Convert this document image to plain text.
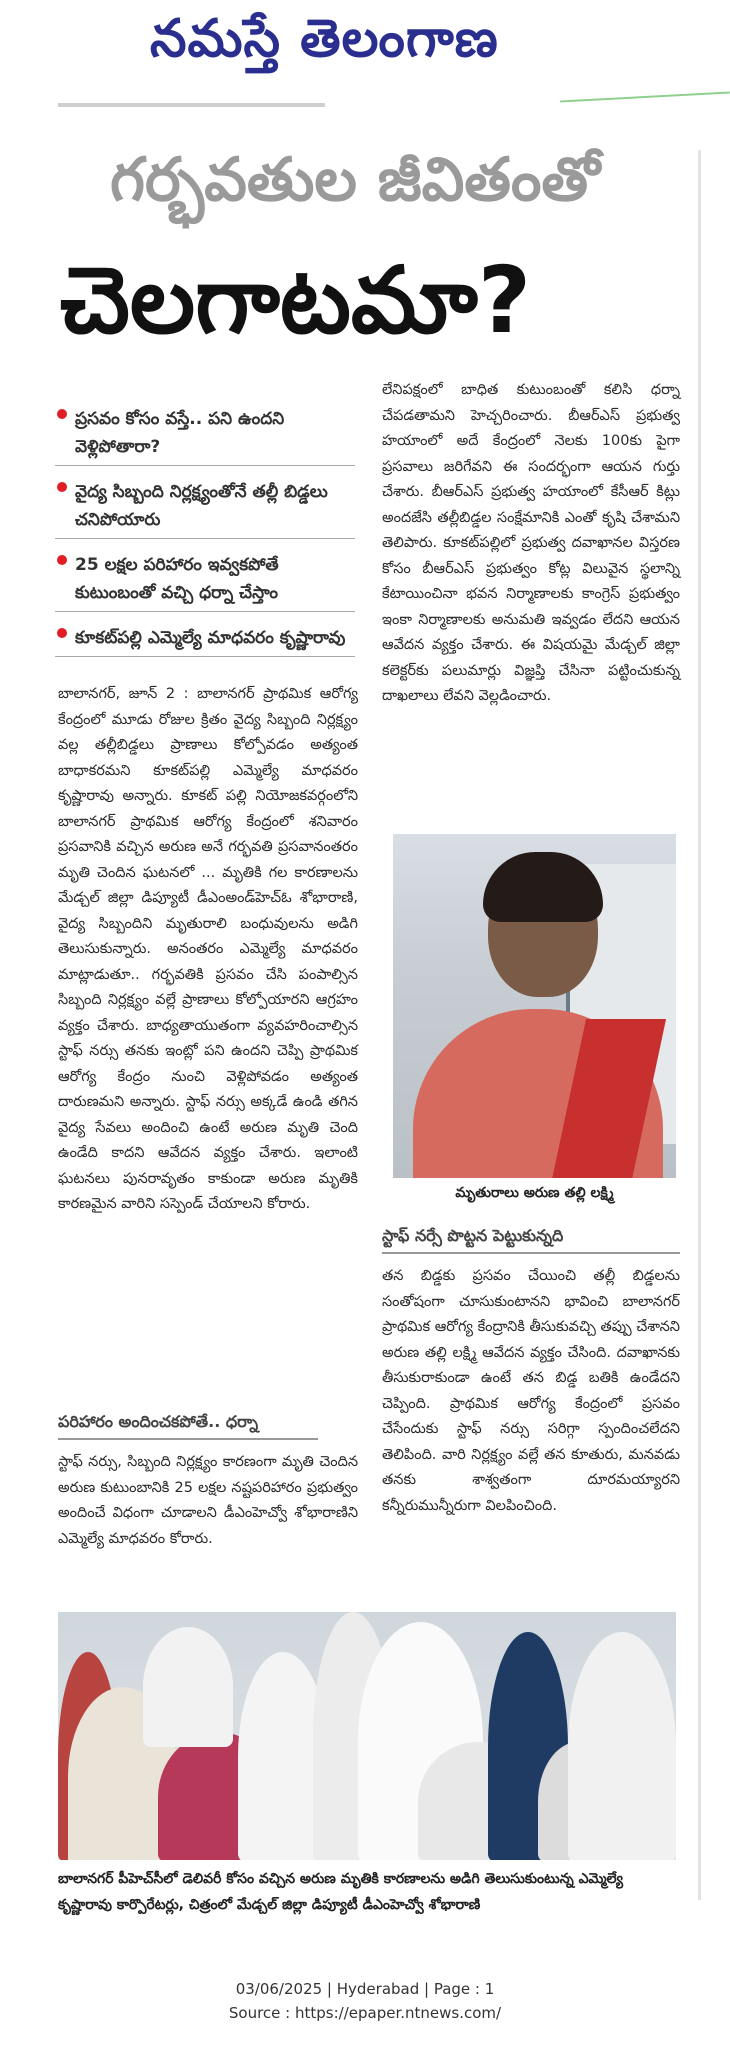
నమస్తే తెలంగాణ
గర్భవతుల జీవితంతో
చెలగాటమా?
ప్రసవం కోసం వస్తే.. పని ఉందని వెళ్లిపోతారా?
వైద్య సిబ్బంది నిర్లక్ష్యంతోనే తల్లీ బిడ్డలు చనిపోయారు
25 లక్షల పరిహారం ఇవ్వకపోతే కుటుంబంతో వచ్చి ధర్నా చేస్తాం
కూకట్‌పల్లి ఎమ్మెల్యే మాధవరం కృష్ణారావు
బాలానగర్, జూన్ 2 : బాలానగర్ ప్రాథమిక ఆరోగ్య కేంద్రంలో మూడు రోజుల క్రితం వైద్య సిబ్బంది నిర్లక్ష్యం వల్ల తల్లీబిడ్డలు ప్రాణాలు కోల్పోవడం అత్యంత బాధాకరమని కూకట్‌పల్లి ఎమ్మెల్యే మాధవరం కృష్ణారావు అన్నారు. కూకట్ పల్లి నియోజకవర్గంలోని బాలానగర్ ప్రాథమిక ఆరోగ్య కేంద్రంలో శనివారం ప్రసవానికి వచ్చిన అరుణ అనే గర్భవతి ప్రసవానంతరం మృతి చెందిన ఘటనలో ... మృతికి గల కారణాలను మేడ్చల్ జిల్లా డిప్యూటీ డీఎంఅండ్‌హెచ్‌ఓ శోభారాణి, వైద్య సిబ్బందిని మృతురాలి బంధువులను అడిగి తెలుసుకున్నారు. అనంతరం ఎమ్మెల్యే మాధవరం మాట్లాడుతూ.. గర్భవతికి ప్రసవం చేసి పంపాల్సిన సిబ్బంది నిర్లక్ష్యం వల్లే ప్రాణాలు కోల్పోయారని ఆగ్రహం వ్యక్తం చేశారు. బాధ్యతాయుతంగా వ్యవహరించాల్సిన స్టాఫ్ నర్సు తనకు ఇంట్లో పని ఉందని చెప్పి ప్రాథమిక ఆరోగ్య కేంద్రం నుంచి వెళ్లిపోవడం అత్యంత దారుణమని అన్నారు. స్టాఫ్ నర్సు అక్కడే ఉండి తగిన వైద్య సేవలు అందించి ఉంటే అరుణ మృతి చెంది ఉండేది కాదని ఆవేదన వ్యక్తం చేశారు. ఇలాంటి ఘటనలు పునరావృతం కాకుండా అరుణ మృతికి కారణమైన వారిని సస్పెండ్ చేయాలని కోరారు.
పరిహారం అందించకపోతే.. ధర్నా
స్టాఫ్ నర్సు, సిబ్బంది నిర్లక్ష్యం కారణంగా మృతి చెందిన అరుణ కుటుంబానికి 25 లక్షల నష్టపరిహారం ప్రభుత్వం అందించే విధంగా చూడాలని డీఎంహెచ్వో శోభారాణిని ఎమ్మెల్యే మాధవరం కోరారు.
లేనిపక్షంలో బాధిత కుటుంబంతో కలిసి ధర్నా చేపడతామని హెచ్చరించారు. బీఆర్‌ఎస్ ప్రభుత్వ హయాంలో అదే కేంద్రంలో నెలకు 100కు పైగా ప్రసవాలు జరిగేవని ఈ సందర్భంగా ఆయన గుర్తు చేశారు. బీఆర్‌ఎస్ ప్రభుత్వ హయాంలో కేసీఆర్ కిట్లు అందజేసి తల్లీబిడ్డల సంక్షేమానికి ఎంతో కృషి చేశామని తెలిపారు. కూకట్‌పల్లిలో ప్రభుత్వ దవాఖానల విస్తరణ కోసం బీఆర్‌ఎస్ ప్రభుత్వం కోట్ల విలువైన స్థలాన్ని కేటాయించినా భవన నిర్మాణాలకు కాంగ్రెస్ ప్రభుత్వం ఇంకా నిర్మాణాలకు అనుమతి ఇవ్వడం లేదని ఆయన ఆవేదన వ్యక్తం చేశారు. ఈ విషయమై మేడ్చల్ జిల్లా కలెక్టర్‌కు పలుమార్లు విజ్ఞప్తి చేసినా పట్టించుకున్న దాఖలాలు లేవని వెల్లడించారు.
మృతురాలు అరుణ తల్లి లక్ష్మి
స్టాఫ్ నర్సే పొట్టన పెట్టుకున్నది
తన బిడ్డకు ప్రసవం చేయించి తల్లీ బిడ్డలను సంతోషంగా చూసుకుంటానని భావించి బాలానగర్ ప్రాథమిక ఆరోగ్య కేంద్రానికి తీసుకువచ్చి తప్పు చేశానని అరుణ తల్లి లక్ష్మి ఆవేదన వ్యక్తం చేసింది. దవాఖానకు తీసుకురాకుండా ఉంటే తన బిడ్డ బతికి ఉండేదని చెప్పింది. ప్రాథమిక ఆరోగ్య కేంద్రంలో ప్రసవం చేసేందుకు స్టాఫ్ నర్సు సరిగ్గా స్పందించలేదని తెలిపింది. వారి నిర్లక్ష్యం వల్లే తన కూతురు, మనవడు తనకు శాశ్వతంగా దూరమయ్యారని కన్నీరుమున్నీరుగా విలపించింది.
బాలానగర్ పీహెచ్‌సీలో డెలివరీ కోసం వచ్చిన అరుణ మృతికి కారణాలను అడిగి తెలుసుకుంటున్న ఎమ్మెల్యే కృష్ణారావు కార్పొరేటర్లు, చిత్రంలో మేడ్చల్ జిల్లా డిప్యూటీ డీఎంహెచ్వో శోభారాణి
03/06/2025 | Hyderabad | Page : 1
Source : https://epaper.ntnews.com/
